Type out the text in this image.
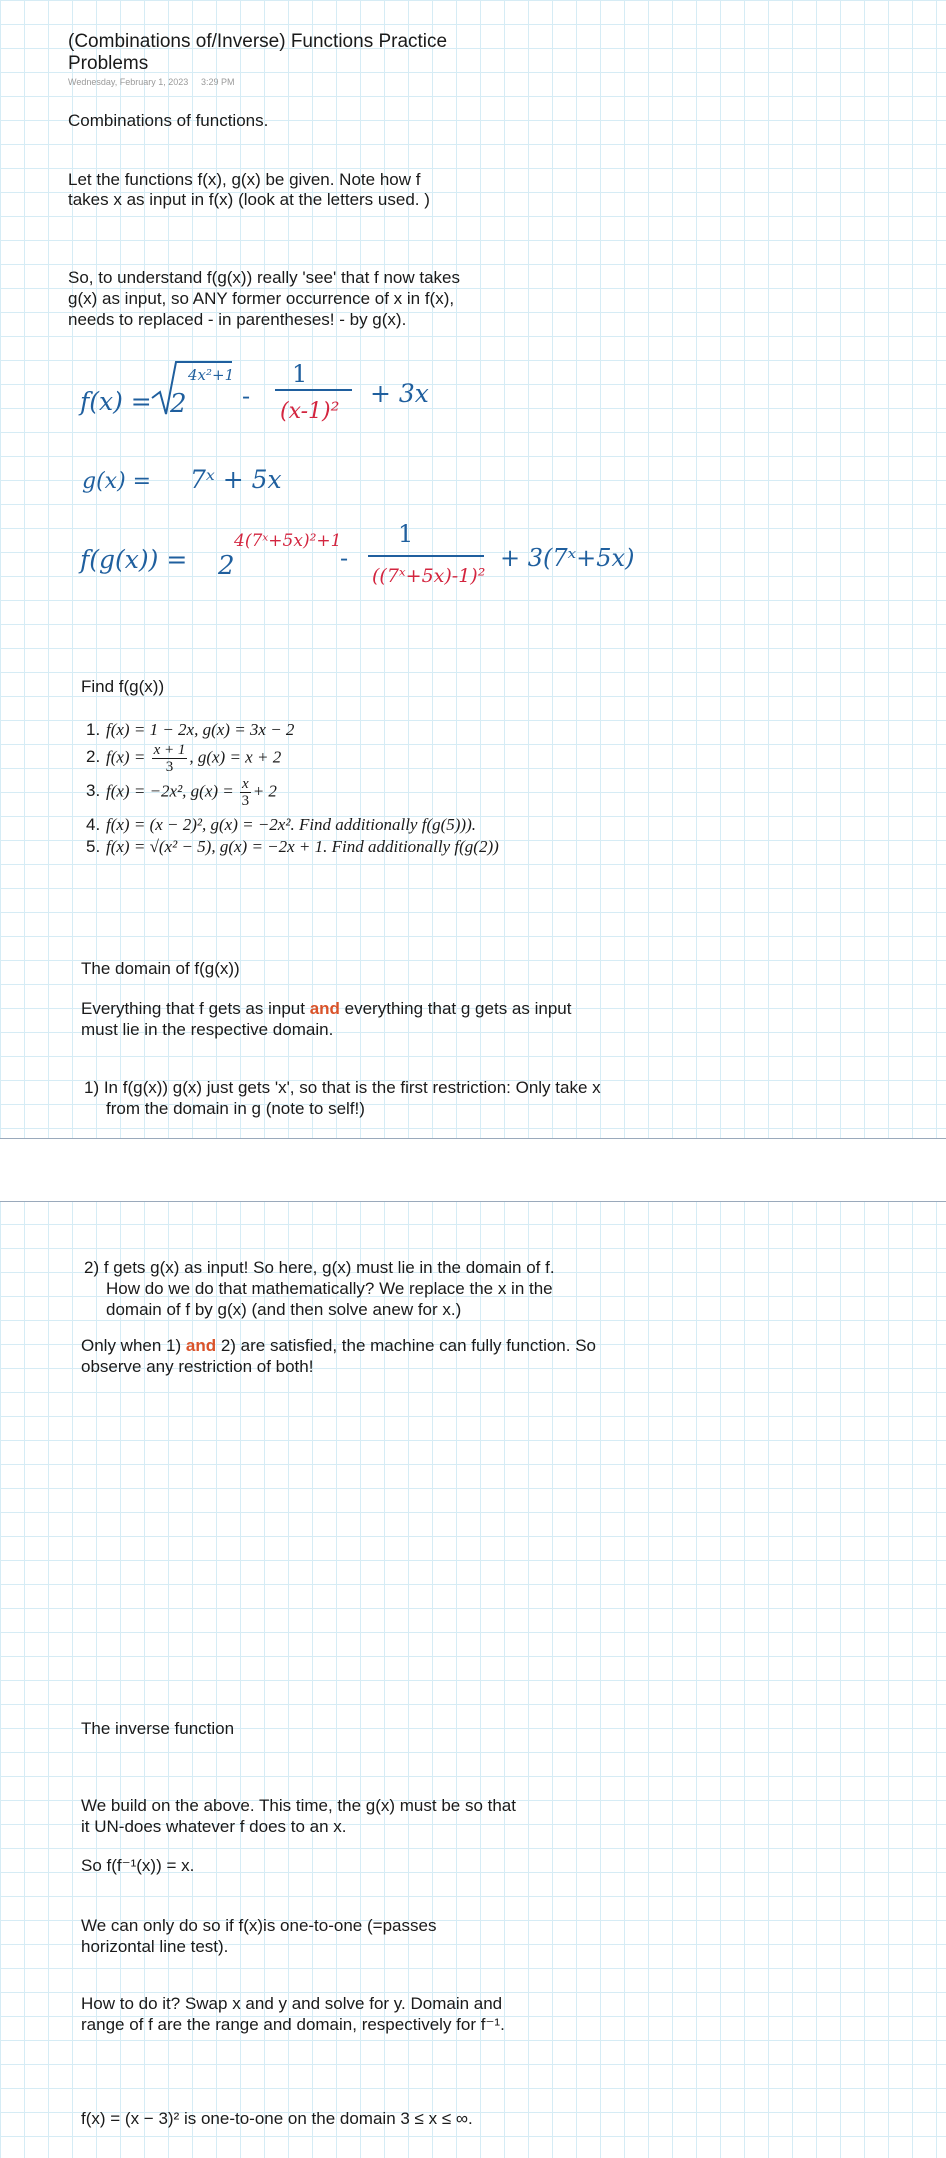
(Combinations of/Inverse) Functions Practice
Problems
Wednesday, February 1, 2023 3:29 PM
Combinations of functions.
Let the functions f(x), g(x) be given. Note how f
takes x as input in f(x) (look at the letters used. )
So, to understand f(g(x)) really 'see' that f now takes
g(x) as input, so ANY former occurrence of x in f(x),
needs to replaced - in parentheses! - by g(x).
f(x) = 2
4x²+1
-
1
(x-1)²
+ 3x
g(x) = 7ˣ + 5x
f(g(x)) = 2
4(7ˣ+5x)²+1
-
1
((7ˣ+5x)-1)²
+ 3(7ˣ+5x)
Find f(g(x))
1. f(x) = 1 − 2x, g(x) = 3x − 2
2. $f(x) = \frac{x + 1}{3}$ , g(x) = x + 2
3. f(x) = −2x², $g(x) = \frac{x}{3} + 2$
4. f(x) = (x − 2)², g(x) = −2x². Find additionally f(g(5))).
5. f(x) = √(x² − 5), g(x) = −2x + 1. Find additionally f(g(2))
The domain of f(g(x))
Everything that f gets as input and everything that g gets as input
must lie in the respective domain.
1) In f(g(x)) g(x) just gets 'x', so that is the first restriction: Only take x
from the domain in g (note to self!)
2) f gets g(x) as input! So here, g(x) must lie in the domain of f.
How do we do that mathematically? We replace the x in the
domain of f by g(x) (and then solve anew for x.)
Only when 1) and 2) are satisfied, the machine can fully function. So
observe any restriction of both!
The inverse function
We build on the above. This time, the g(x) must be so that
it UN-does whatever f does to an x.
So f(f⁻¹(x)) = x.
We can only do so if f(x)is one-to-one (=passes
horizontal line test).
How to do it? Swap x and y and solve for y. Domain and
range of f are the range and domain, respectively for f⁻¹.
f(x) = (x − 3)² is one-to-one on the domain 3 ≤ x ≤ ∞.
